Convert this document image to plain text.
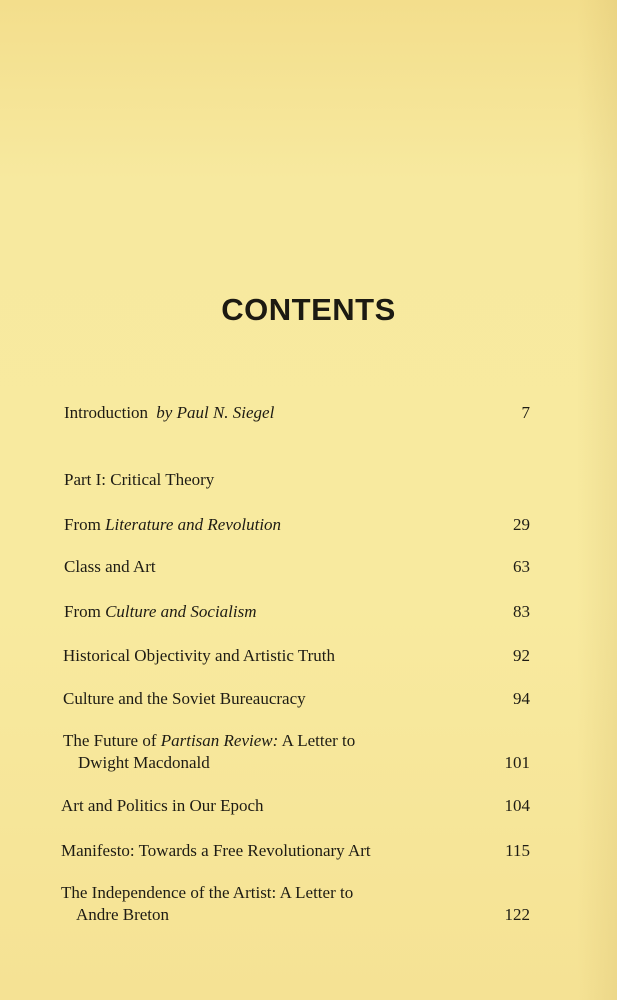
CONTENTS
Introduction by Paul N. Siegel	7
Part I: Critical Theory
From Literature and Revolution	29
Class and Art	63
From Culture and Socialism	83
Historical Objectivity and Artistic Truth	92
Culture and the Soviet Bureaucracy	94
The Future of Partisan Review: A Letter to
Dwight Macdonald	101
Art and Politics in Our Epoch	104
Manifesto: Towards a Free Revolutionary Art	115
The Independence of the Artist: A Letter to
Andre Breton	122
